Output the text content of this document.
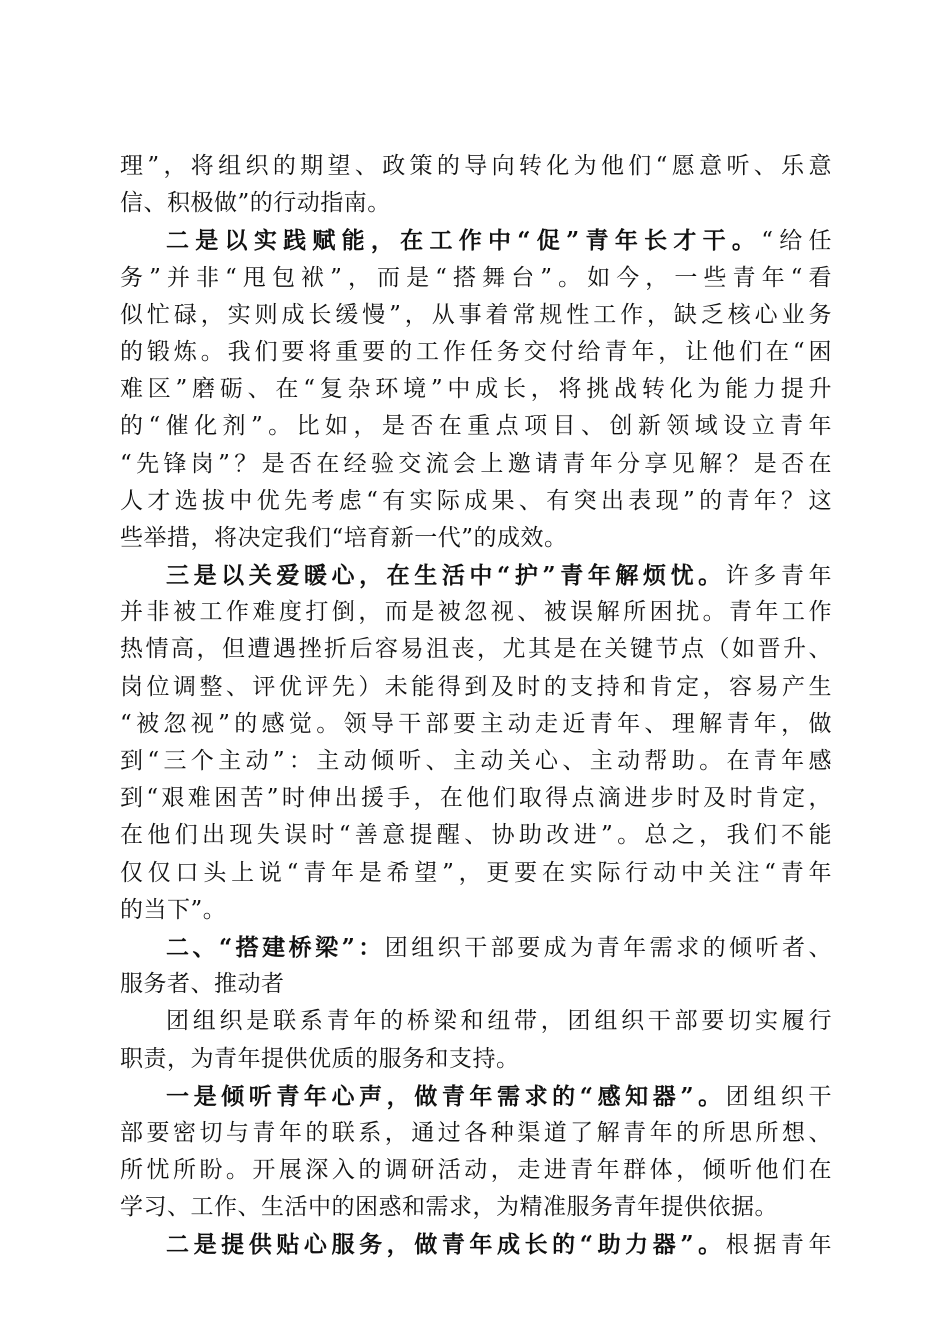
理”，将组织的期望、政策的导向转化为他们“愿意听、乐意
信、积极做”的行动指南。
二是以实践赋能，在工作中“促”青年长才干。“给任
务”并非“甩包袱”，而是“搭舞台”。如今，一些青年“看
似忙碌，实则成长缓慢”，从事着常规性工作，缺乏核心业务
的锻炼。我们要将重要的工作任务交付给青年，让他们在“困
难区”磨砺、在“复杂环境”中成长，将挑战转化为能力提升
的“催化剂”。比如，是否在重点项目、创新领域设立青年
“先锋岗”？是否在经验交流会上邀请青年分享见解？是否在
人才选拔中优先考虑“有实际成果、有突出表现”的青年？这
些举措，将决定我们“培育新一代”的成效。
三是以关爱暖心，在生活中“护”青年解烦忧。许多青年
并非被工作难度打倒，而是被忽视、被误解所困扰。青年工作
热情高，但遭遇挫折后容易沮丧，尤其是在关键节点（如晋升、
岗位调整、评优评先）未能得到及时的支持和肯定，容易产生
“被忽视”的感觉。领导干部要主动走近青年、理解青年，做
到“三个主动”：主动倾听、主动关心、主动帮助。在青年感
到“艰难困苦”时伸出援手，在他们取得点滴进步时及时肯定，
在他们出现失误时“善意提醒、协助改进”。总之，我们不能
仅仅口头上说“青年是希望”，更要在实际行动中关注“青年
的当下”。
二、“搭建桥梁”：团组织干部要成为青年需求的倾听者、
服务者、推动者
团组织是联系青年的桥梁和纽带，团组织干部要切实履行
职责，为青年提供优质的服务和支持。
一是倾听青年心声，做青年需求的“感知器”。团组织干
部要密切与青年的联系，通过各种渠道了解青年的所思所想、
所忧所盼。开展深入的调研活动，走进青年群体，倾听他们在
学习、工作、生活中的困惑和需求，为精准服务青年提供依据。
二是提供贴心服务，做青年成长的“助力器”。根据青年
